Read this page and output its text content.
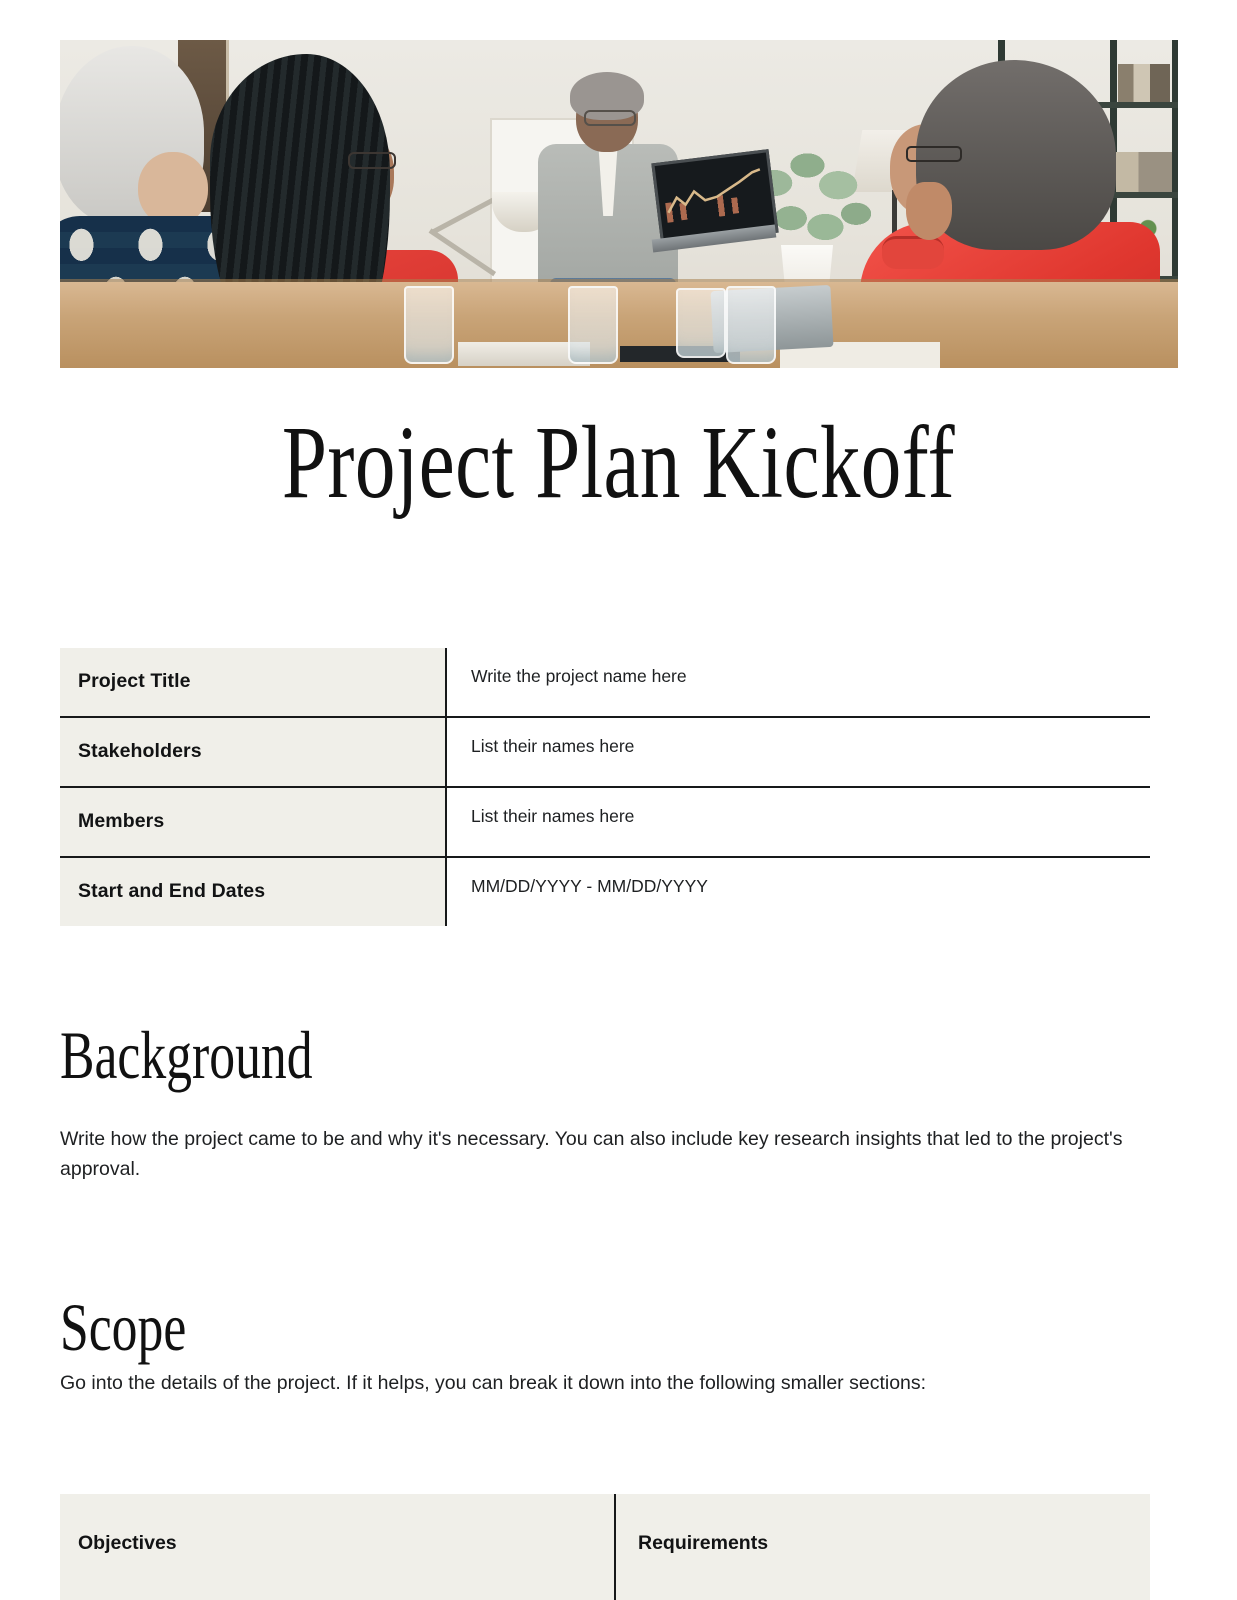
Project Plan Kickoff
Project Title	Write the project name here
Stakeholders	List their names here
Members	List their names here
Start and End Dates	MM/DD/YYYY - MM/DD/YYYY
Background
Write how the project came to be and why it's necessary. You can also include key research insights that led to the project's approval.
Scope
Go into the details of the project. If it helps, you can break it down into the following smaller sections:
Objectives	Requirements
